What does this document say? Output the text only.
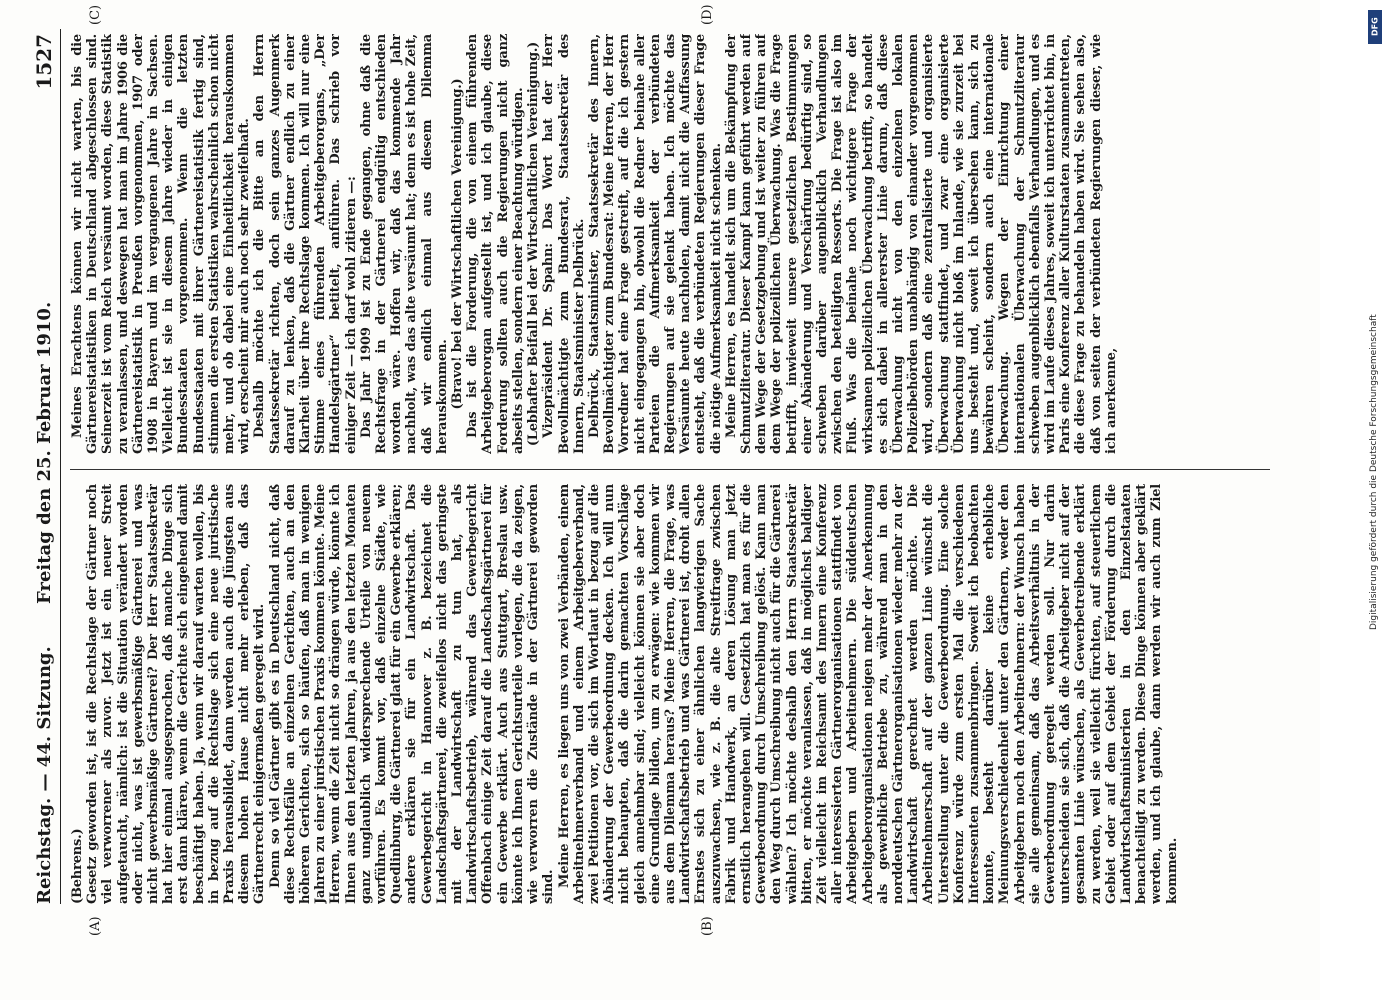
Reichstag. — 44. Sitzung.
Freitag den 25. Februar 1910.
1527
(A)	(B)
(C)	(D)

(Behrens.) Gesetz geworden ist, ist die Rechtslage der Gärtner noch viel verworrener als zuvor. Jetzt ist ein neuer Streit aufgetaucht, nämlich: ist die Situation verändert worden oder nicht, was ist gewerbsmäßige Gärtnerei und was nicht gewerbsmäßige Gärtnerei? Der Herr Staatssekretär hat hier einmal ausgesprochen, daß manche Dinge sich erst dann klären, wenn die Gerichte sich eingehend damit beschäftigt haben. Ja, wenn wir darauf warten wollen, bis in bezug auf die Rechtslage sich eine neue juristische Praxis herausbildet, dann werden auch die Jüngsten aus diesem hohen Hause nicht mehr erleben, daß das Gärtnerrecht einigermaßen geregelt wird. Denn so viel Gärtner gibt es in Deutschland nicht, daß diese Rechtsfälle an einzelnen Gerichten, auch an den höheren Gerichten, sich so häufen, daß man in wenigen Jahren zu einer juristischen Praxis kommen könnte. Meine Herren, wenn die Zeit nicht so drängen würde, könnte ich Ihnen aus den letzten Jahren, ja aus den letzten Monaten ganz unglaublich widersprechende Urteile von neuem vorführen. Es kommt vor, daß einzelne Städte, wie Quedlinburg, die Gärtnerei glatt für ein Gewerbe erklären; andere erklären sie für ein Landwirtschaft. Das Gewerbegericht in Hannover z. B. bezeichnet die Landschaftsgärtnerei, die zweifellos nicht das geringste mit der Landwirtschaft zu tun hat, als Landwirtschaftsbetrieb, während das Gewerbegericht Offenbach einige Zeit darauf die Landschaftsgärtnerei für ein Gewerbe erklärt. Auch aus Stuttgart, Breslau usw. könnte ich Ihnen Gerichtsurteile vorlegen, die da zeigen, wie verworren die Zustände in der Gärtnerei geworden sind. Meine Herren, es liegen uns von zwei Verbänden, einem Arbeitnehmerverband und einem Arbeitgeberverband, zwei Petitionen vor, die sich im Wortlaut in bezug auf die Abänderung der Gewerbeordnung decken. Ich will nun nicht behaupten, daß die darin gemachten Vorschläge gleich annehmbar sind; vielleicht können sie aber doch eine Grundlage bilden, um zu erwägen: wie kommen wir aus dem Dilemma heraus? Meine Herren, die Frage, was Landwirtschaftsbetrieb und was Gärtnerei ist, droht allen Ernstes sich zu einer ähnlichen langwierigen Sache auszuwachsen, wie z. B. die alte Streitfrage zwischen Fabrik und Handwerk, an deren Lösung man jetzt ernstlich herangehen will. Gesetzlich hat man es für die Gewerbeordnung durch Umschreibung gelöst. Kann man den Weg durch Umschreibung nicht auch für die Gärtnerei wählen? Ich möchte deshalb den Herrn Staatssekretär bitten, er möchte veranlassen, daß in möglichst baldiger Zeit vielleicht im Reichsamt des Innern eine Konferenz aller interessierten Gärtnerorganisationen stattfindet von Arbeitgebern und Arbeitnehmern. Die süddeutschen Arbeitgeberorganisationen neigen mehr der Anerkennung als gewerbliche Betriebe zu, während man in den norddeutschen Gärtnerorganisationen wieder mehr zu der Landwirtschaft gerechnet werden möchte. Die Arbeitnehmerschaft auf der ganzen Linie wünscht die Unterstellung unter die Gewerbeordnung. Eine solche Konferenz würde zum ersten Mal die verschiedenen Interessenten zusammenbringen. Soweit ich beobachten konnte, besteht darüber keine erhebliche Meinungsverschiedenheit unter den Gärtnern, weder den Arbeitgebern noch den Arbeitnehmern: der Wunsch haben sie alle gemeinsam, daß das Arbeitsverhältnis in der Gewerbeordnung geregelt werden soll. Nur darin unterscheiden sie sich, daß die Arbeitgeber nicht auf der gesamten Linie wünschen, als Gewerbetreibende erklärt zu werden, weil sie vielleicht fürchten, auf steuerlichem Gebiet oder auf dem Gebiet der Förderung durch die Landwirtschaftsministerien in den Einzelstaaten benachteiligt zu werden. Diese Dinge können aber geklärt werden, und ich glaube, dann werden wir auch zum Ziel kommen.

Meines Erachtens können wir nicht warten, bis die Gärtnereistatistiken in Deutschland abgeschlossen sind. Seinerzeit ist vom Reich versäumt worden, diese Statistik zu veranlassen, und deswegen hat man im Jahre 1906 die Gärtnereistatistik in Preußen vorgenommen, 1907 oder 1908 in Bayern und im vergangenen Jahre in Sachsen. Vielleicht ist sie in diesem Jahre wieder in einigen Bundesstaaten vorgenommen. Wenn die letzten Bundesstaaten mit ihrer Gärtnereistatistik fertig sind, stimmen die ersten Statistiken wahrscheinlich schon nicht mehr, und ob dabei eine Einheitlichkeit herauskommen wird, erscheint mir auch noch sehr zweifelhaft. Deshalb möchte ich die Bitte an den Herrn Staatssekretär richten, doch sein ganzes Augenmerk darauf zu lenken, daß die Gärtner endlich zu einer Klarheit über ihre Rechtslage kommen. Ich will nur eine Stimme eines führenden Arbeitgeberorgans, „Der Handelsgärtner“ betitelt, anführen. Das schrieb vor einiger Zeit — ich darf wohl zitieren —: Das Jahr 1909 ist zu Ende gegangen, ohne daß die Rechtsfrage in der Gärtnerei endgültig entschieden worden wäre. Hoffen wir, daß das kommende Jahr nachholt, was das alte versäumt hat; denn es ist hohe Zeit, daß wir endlich einmal aus diesem Dilemma herauskommen. (Bravo! bei der Wirtschaftlichen Vereinigung.) Das ist die Forderung, die von einem führenden Arbeitgeberorgan aufgestellt ist, und ich glaube, diese Forderung sollten auch die Regierungen nicht ganz abseits stellen, sondern einer Beachtung würdigen. (Lebhafter Beifall bei der Wirtschaftlichen Vereinigung.) Vizepräsident Dr. Spahn: Das Wort hat der Herr Bevollmächtigte zum Bundesrat, Staatssekretär des Innern, Staatsminister Delbrück. Delbrück, Staatsminister, Staatssekretär des Innern, Bevollmächtigter zum Bundesrat: Meine Herren, der Herr Vorredner hat eine Frage gestreift, auf die ich gestern nicht eingegangen bin, obwohl die Redner beinahe aller Parteien die Aufmerksamkeit der verbündeten Regierungen auf sie gelenkt haben. Ich möchte das Versäumte heute nachholen, damit nicht die Auffassung entsteht, daß die verbündeten Regierungen dieser Frage die nötige Aufmerksamkeit nicht schenken. Meine Herren, es handelt sich um die Bekämpfung der Schmutzliteratur. Dieser Kampf kann geführt werden auf dem Wege der Gesetzgebung und ist weiter zu führen auf dem Wege der polizeilichen Überwachung. Was die Frage betrifft, inwieweit unsere gesetzlichen Bestimmungen einer Abänderung und Verschärfung bedürftig sind, so schweben darüber augenblicklich Verhandlungen zwischen den beteiligten Ressorts. Die Frage ist also im Fluß. Was die beinahe noch wichtigere Frage der wirksamen polizeilichen Überwachung betrifft, so handelt es sich dabei in allererster Linie darum, daß diese Überwachung nicht von den einzelnen lokalen Polizeibehörden unabhängig von einander vorgenommen wird, sondern daß eine zentralisierte und organisierte Überwachung stattfindet, und zwar eine organisierte Überwachung nicht bloß im Inlande, wie sie zurzeit bei uns besteht und, soweit ich übersehen kann, sich zu bewähren scheint, sondern auch eine internationale Überwachung. Wegen der Einrichtung einer internationalen Überwachung der Schmutzliteratur schweben augenblicklich ebenfalls Verhandlungen, und es wird im Laufe dieses Jahres, soweit ich unterrichtet bin, in Paris eine Konferenz aller Kulturstaaten zusammentreten, die diese Frage zu behandeln haben wird. Sie sehen also, daß von seiten der verbündeten Regierungen dieser, wie ich anerkenne,

DFG
Digitalisierung gefördert durch die Deutsche Forschungsgemeinschaft
